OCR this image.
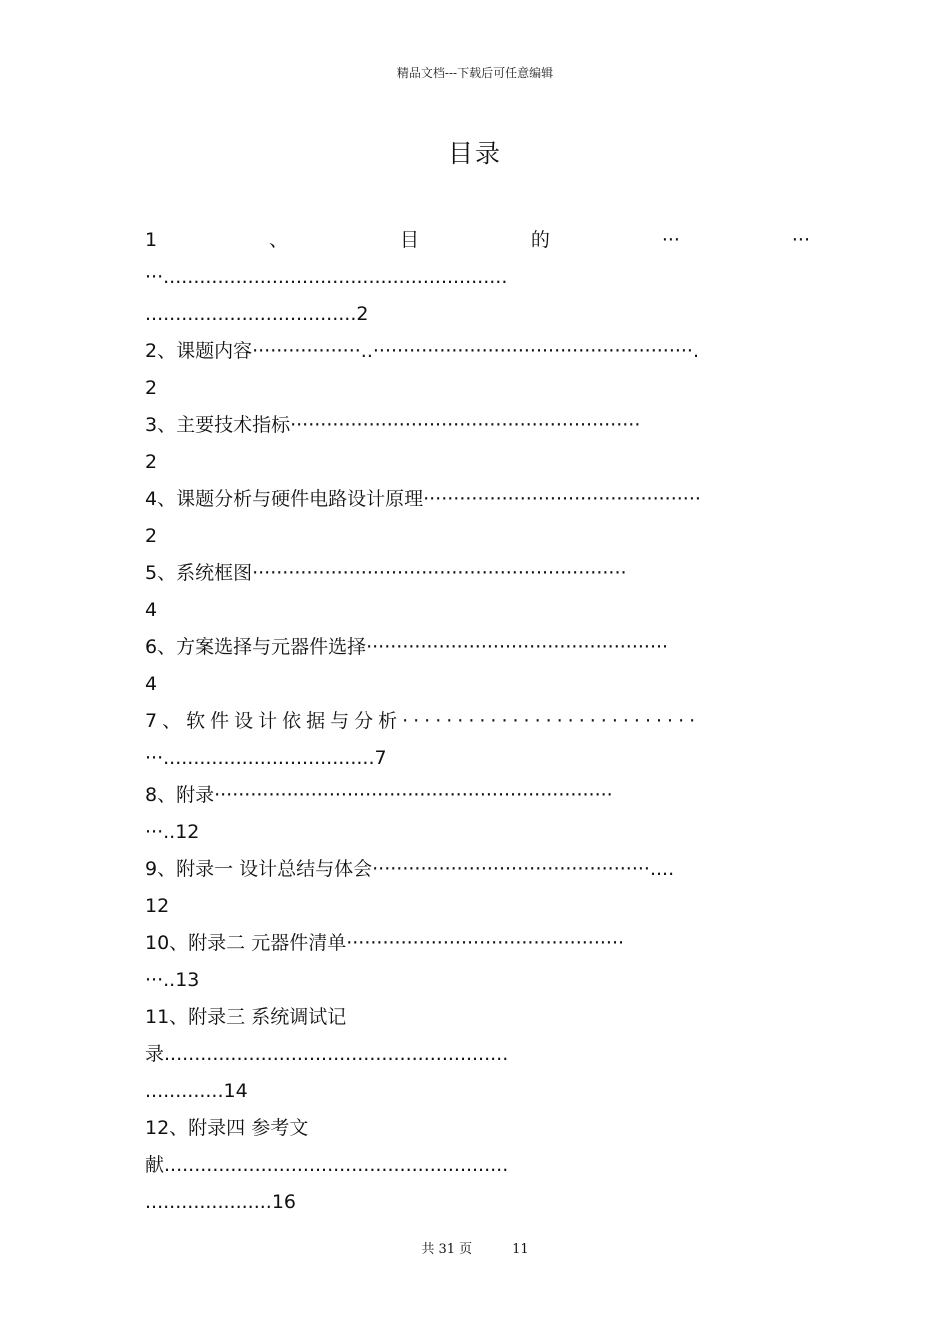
精品文档---下载后可任意编辑
目录
1	、	目	的	···	···
···.........................................................
...................................2
2、课题内容··················..·····················································.
2
3、主要技术指标··························································
2
4、课题分析与硬件电路设计原理··············································
2
5、系统框图······························································
4
6、方案选择与元器件选择··················································
4
7、软件设计依据与分析···························
···...................................7
8、附录··································································
···..12
9、附录一 设计总结与体会··············································....
12
10、附录二 元器件清单··············································
···..13
11、附录三 系统调试记
录.........................................................
.............14
12、附录四 参考文
献.........................................................
.....................16
共 31 页	11
